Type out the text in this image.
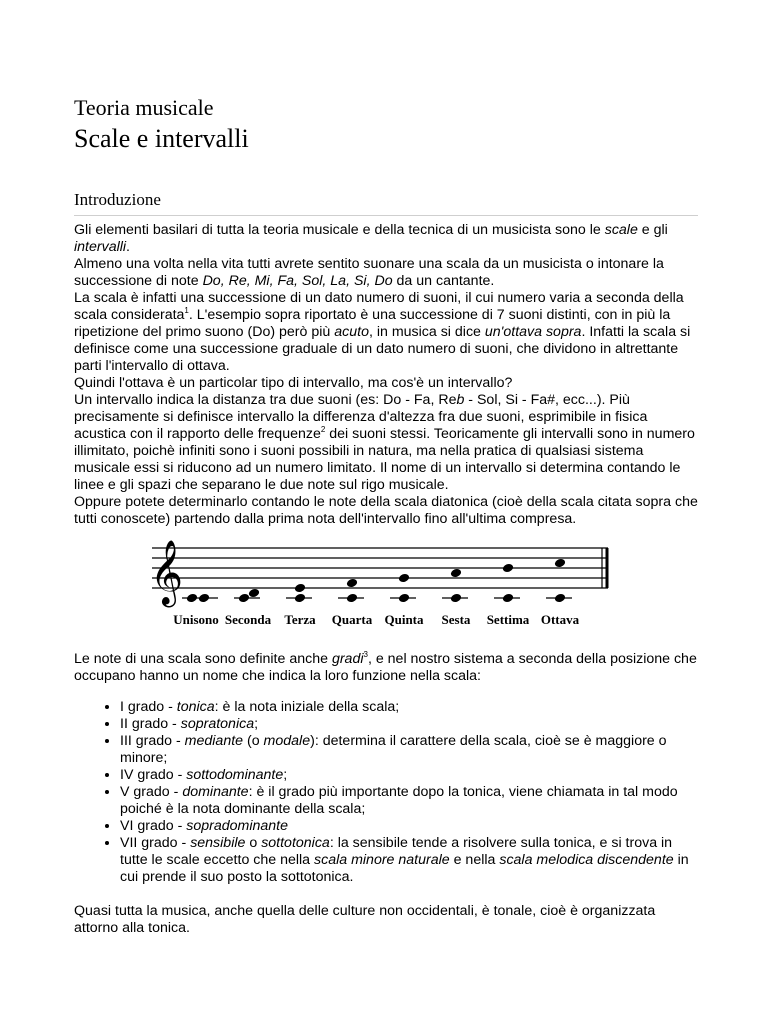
Teoria musicale

Scale e intervalli
Introduzione
Gli elementi basilari di tutta la teoria musicale e della tecnica di un musicista sono le scale e gli intervalli.
Almeno una volta nella vita tutti avrete sentito suonare una scala da un musicista o intonare la successione di note Do, Re, Mi, Fa, Sol, La, Si, Do da un cantante.
La scala è infatti una successione di un dato numero di suoni, il cui numero varia a seconda della scala considerata$^1$. L'esempio sopra riportato è una successione di 7 suoni distinti, con in più la ripetizione del primo suono (Do) però più acuto, in musica si dice un'ottava sopra. Infatti la scala si definisce come una successione graduale di un dato numero di suoni, che dividono in altrettante parti l'intervallo di ottava.
Quindi l'ottava è un particolar tipo di intervallo, ma cos'è un intervallo?
Un intervallo indica la distanza tra due suoni (es: Do - Fa, Reb - Sol, Si - Fa#, ecc...). Più precisamente si definisce intervallo la differenza d'altezza fra due suoni, esprimibile in fisica acustica con il rapporto delle frequenze$^2$ dei suoni stessi. Teoricamente gli intervalli sono in numero illimitato, poichè infiniti sono i suoni possibili in natura, ma nella pratica di qualsiasi sistema musicale essi si riducono ad un numero limitato. Il nome di un intervallo si determina contando le linee e gli spazi che separano le due note sul rigo musicale.
Oppure potete determinarlo contando le note della scala diatonica (cioè della scala citata sopra che tutti conoscete) partendo dalla prima nota dell'intervallo fino all'ultima compresa.
𝄞
Unisono Seconda Terza Quarta Quinta Sesta Settima Ottava

Le note di una scala sono definite anche gradi$^3$, e nel nostro sistema a seconda della posizione che occupano hanno un nome che indica la loro funzione nella scala:

• I grado - tonica: è la nota iniziale della scala;
• II grado - sopratonica;
• III grado - mediante (o modale): determina il carattere della scala, cioè se è maggiore o minore;
• IV grado - sottodominante;
• V grado - dominante: è il grado più importante dopo la tonica, viene chiamata in tal modo poiché è la nota dominante della scala;
• VI grado - sopradominante
• VII grado - sensibile o sottotonica: la sensibile tende a risolvere sulla tonica, e si trova in tutte le scale eccetto che nella scala minore naturale e nella scala melodica discendente in cui prende il suo posto la sottotonica.

Quasi tutta la musica, anche quella delle culture non occidentali, è tonale, cioè è organizzata attorno alla tonica.
